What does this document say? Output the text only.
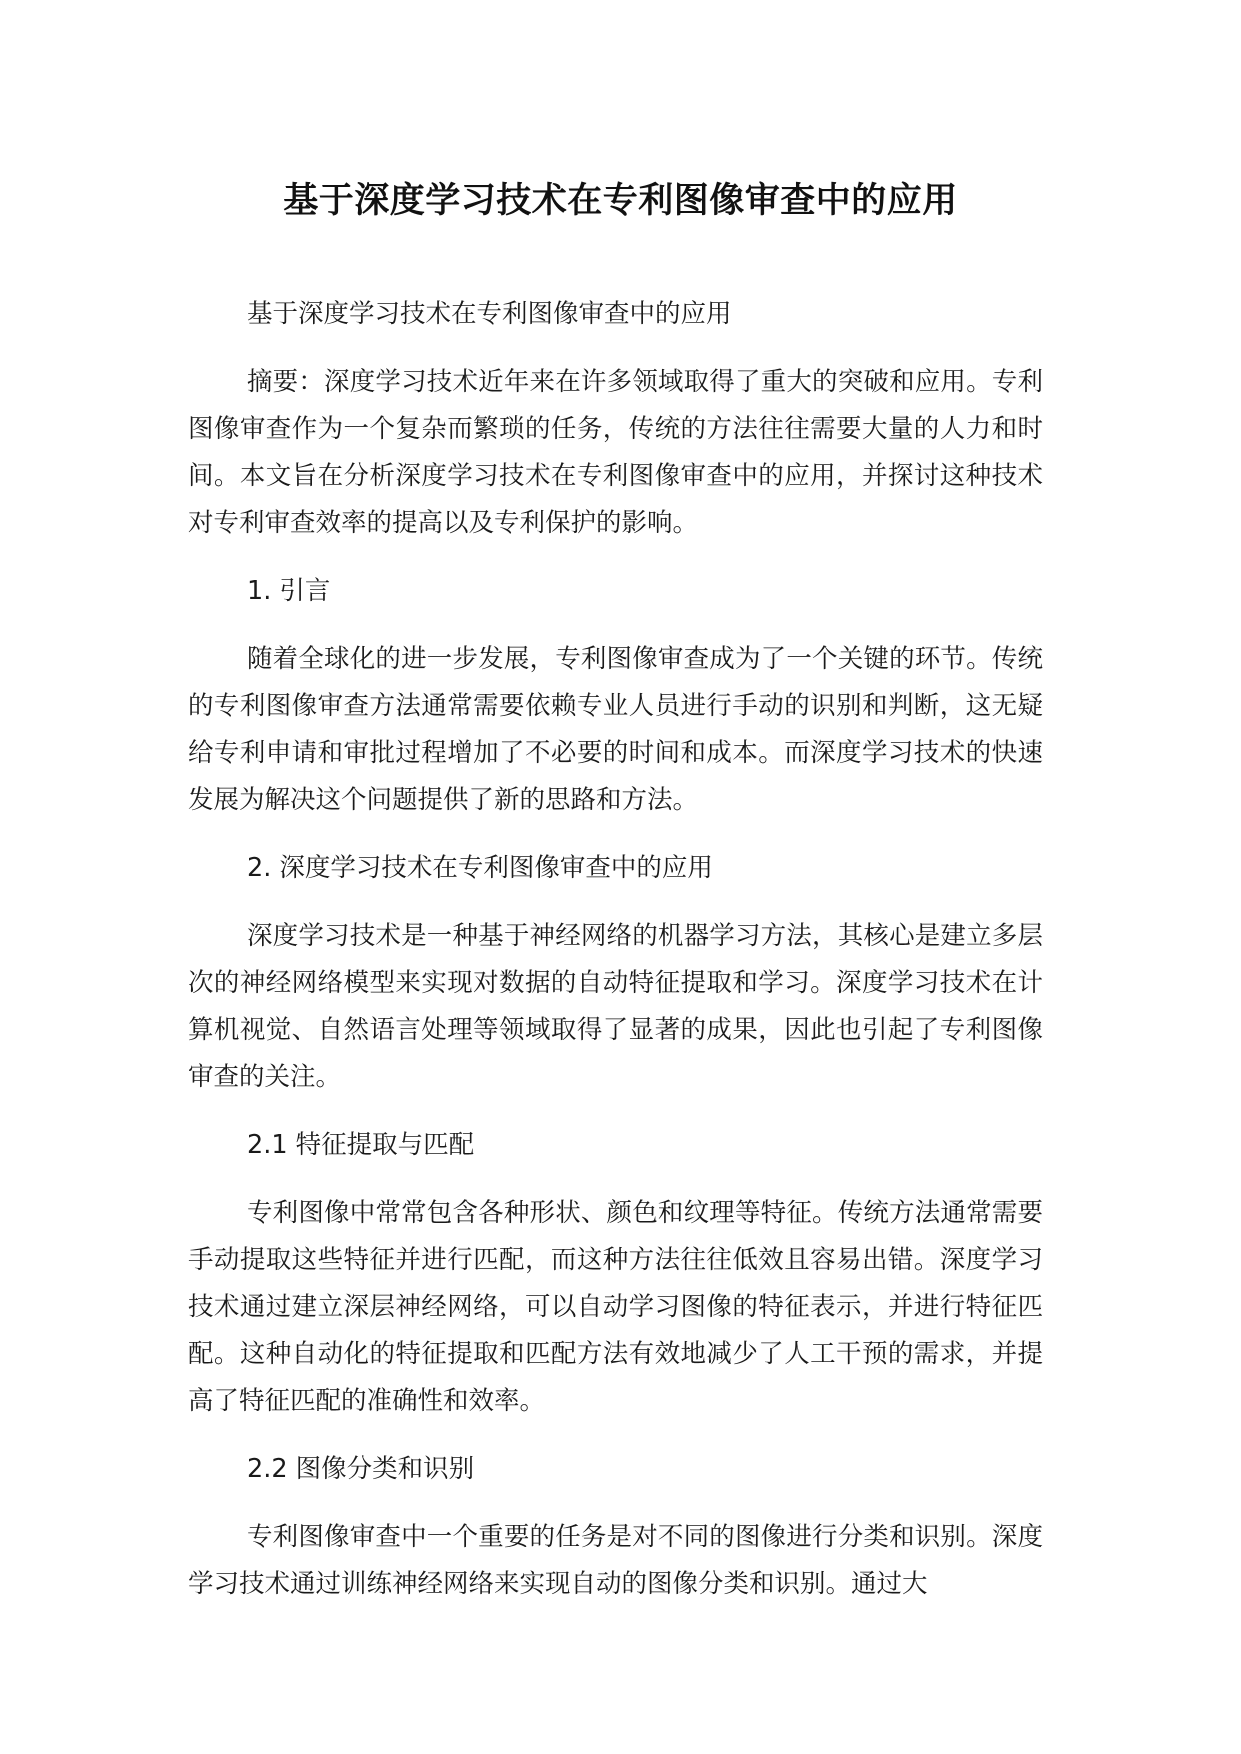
基于深度学习技术在专利图像审查中的应用

基于深度学习技术在专利图像审查中的应用

摘要：深度学习技术近年来在许多领域取得了重大的突破和应用。专利图像审查作为一个复杂而繁琐的任务，传统的方法往往需要大量的人力和时间。本文旨在分析深度学习技术在专利图像审查中的应用，并探讨这种技术对专利审查效率的提高以及专利保护的影响。

1. 引言

随着全球化的进一步发展，专利图像审查成为了一个关键的环节。传统的专利图像审查方法通常需要依赖专业人员进行手动的识别和判断，这无疑给专利申请和审批过程增加了不必要的时间和成本。而深度学习技术的快速发展为解决这个问题提供了新的思路和方法。

2. 深度学习技术在专利图像审查中的应用

深度学习技术是一种基于神经网络的机器学习方法，其核心是建立多层次的神经网络模型来实现对数据的自动特征提取和学习。深度学习技术在计算机视觉、自然语言处理等领域取得了显著的成果，因此也引起了专利图像审查的关注。

2.1 特征提取与匹配

专利图像中常常包含各种形状、颜色和纹理等特征。传统方法通常需要手动提取这些特征并进行匹配，而这种方法往往低效且容易出错。深度学习技术通过建立深层神经网络，可以自动学习图像的特征表示，并进行特征匹配。这种自动化的特征提取和匹配方法有效地减少了人工干预的需求，并提高了特征匹配的准确性和效率。

2.2 图像分类和识别

专利图像审查中一个重要的任务是对不同的图像进行分类和识别。深度学习技术通过训练神经网络来实现自动的图像分类和识别。通过大
